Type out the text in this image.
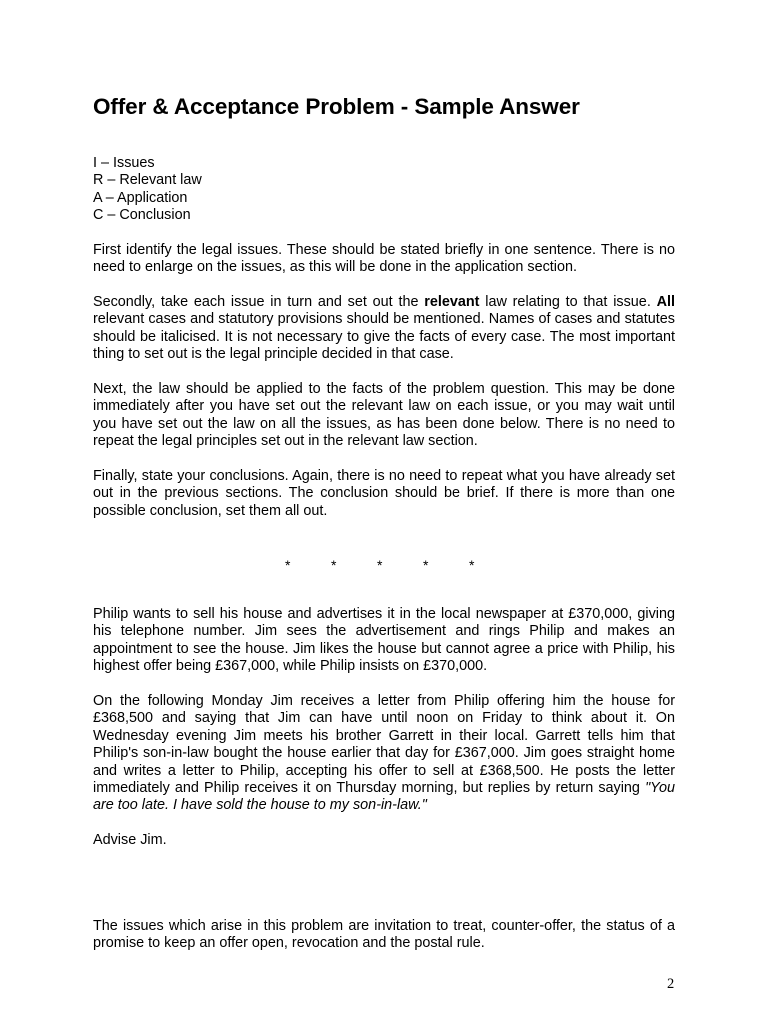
Offer & Acceptance Problem - Sample Answer
I – Issues
R – Relevant law
A – Application
C – Conclusion

First identify the legal issues. These should be stated briefly in one sentence. There is no need to enlarge on the issues, as this will be done in the application section.

Secondly, take each issue in turn and set out the relevant law relating to that issue. All relevant cases and statutory provisions should be mentioned. Names of cases and statutes should be italicised. It is not necessary to give the facts of every case. The most important thing to set out is the legal principle decided in that case.

Next, the law should be applied to the facts of the problem question. This may be done immediately after you have set out the relevant law on each issue, or you may wait until you have set out the law on all the issues, as has been done below. There is no need to repeat the legal principles set out in the relevant law section.

Finally, state your conclusions. Again, there is no need to repeat what you have already set out in the previous sections. The conclusion should be brief. If there is more than one possible conclusion, set them all out.

*	*	*	*	*

Philip wants to sell his house and advertises it in the local newspaper at £370,000, giving his telephone number. Jim sees the advertisement and rings Philip and makes an appointment to see the house. Jim likes the house but cannot agree a price with Philip, his highest offer being £367,000, while Philip insists on £370,000.

On the following Monday Jim receives a letter from Philip offering him the house for £368,500 and saying that Jim can have until noon on Friday to think about it. On Wednesday evening Jim meets his brother Garrett in their local. Garrett tells him that Philip's son-in-law bought the house earlier that day for £367,000. Jim goes straight home and writes a letter to Philip, accepting his offer to sell at £368,500. He posts the letter immediately and Philip receives it on Thursday morning, but replies by return saying "You are too late. I have sold the house to my son-in-law."

Advise Jim.

The issues which arise in this problem are invitation to treat, counter-offer, the status of a promise to keep an offer open, revocation and the postal rule.

2
